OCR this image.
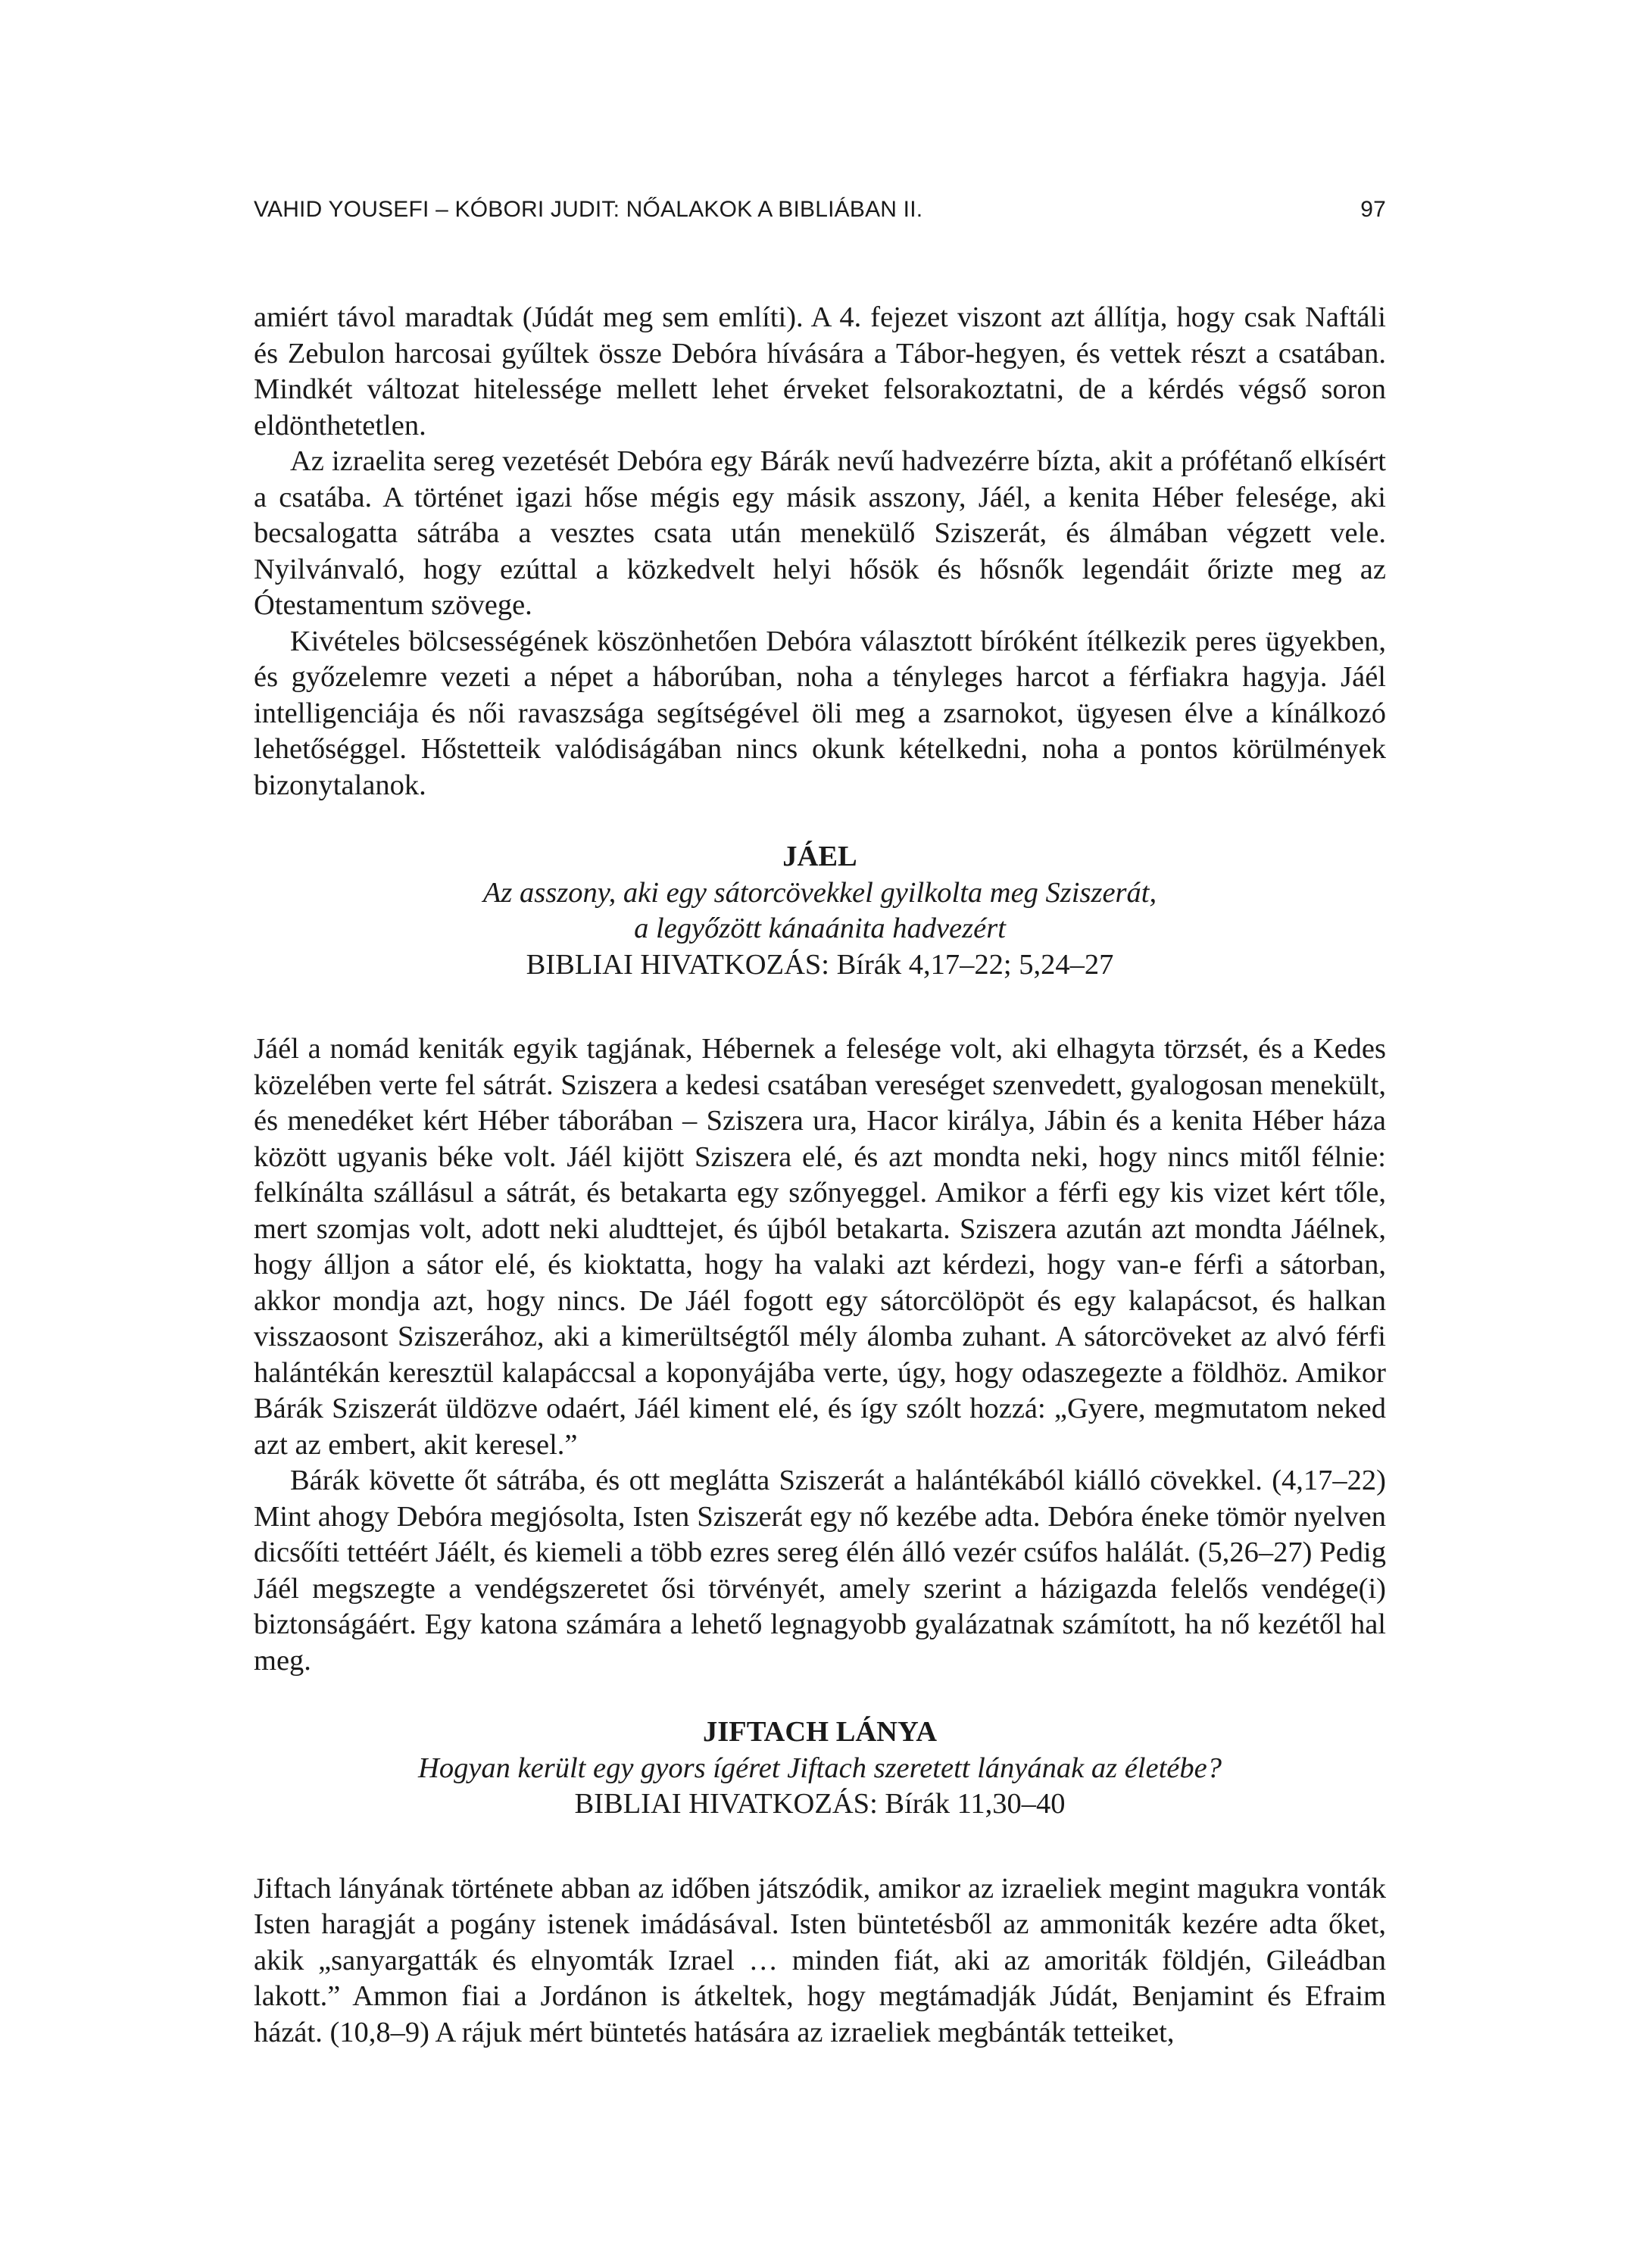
VAHID YOUSEFI – KÓBORI JUDIT: NŐALAKOK A BIBLIÁBAN II.	97

amiért távol maradtak (Júdát meg sem említi). A 4. fejezet viszont azt állítja, hogy csak Naftáli és Zebulon harcosai gyűltek össze Debóra hívására a Tábor-hegyen, és vettek részt a csatában. Mindkét változat hitelessége mellett lehet érveket felsorakoztatni, de a kérdés végső soron eldönthetetlen.

Az izraelita sereg vezetését Debóra egy Bárák nevű hadvezérre bízta, akit a prófétanő elkísért a csatába. A történet igazi hőse mégis egy másik asszony, Jáél, a kenita Héber felesége, aki becsalogatta sátrába a vesztes csata után menekülő Sziszerát, és álmában végzett vele. Nyilvánvaló, hogy ezúttal a közkedvelt helyi hősök és hősnők legendáit őrizte meg az Ótestamentum szövege.

Kivételes bölcsességének köszönhetően Debóra választott bíróként ítélkezik peres ügyekben, és győzelemre vezeti a népet a háborúban, noha a tényleges harcot a férfiakra hagyja. Jáél intelligenciája és női ravaszsága segítségével öli meg a zsarnokot, ügyesen élve a kínálkozó lehetőséggel. Hőstetteik valódiságában nincs okunk kételkedni, noha a pontos körülmények bizonytalanok.

JÁEL

Az asszony, aki egy sátorcövekkel gyilkolta meg Sziszerát,

a legyőzött kánaánita hadvezért

BIBLIAI HIVATKOZÁS: Bírák 4,17–22; 5,24–27

Jáél a nomád keniták egyik tagjának, Hébernek a felesége volt, aki elhagyta törzsét, és a Kedes közelében verte fel sátrát. Sziszera a kedesi csatában vereséget szenvedett, gyalogosan menekült, és menedéket kért Héber táborában – Sziszera ura, Hacor királya, Jábin és a kenita Héber háza között ugyanis béke volt. Jáél kijött Sziszera elé, és azt mondta neki, hogy nincs mitől félnie: felkínálta szállásul a sátrát, és betakarta egy szőnyeggel. Amikor a férfi egy kis vizet kért tőle, mert szomjas volt, adott neki aludttejet, és újból betakarta. Sziszera azután azt mondta Jáélnek, hogy álljon a sátor elé, és kioktatta, hogy ha valaki azt kérdezi, hogy van-e férfi a sátorban, akkor mondja azt, hogy nincs. De Jáél fogott egy sátorcölöpöt és egy kalapácsot, és halkan visszaosont Sziszerához, aki a kimerültségtől mély álomba zuhant. A sátorcöveket az alvó férfi halántékán keresztül kalapáccsal a koponyájába verte, úgy, hogy odaszegezte a földhöz. Amikor Bárák Sziszerát üldözve odaért, Jáél kiment elé, és így szólt hozzá: „Gyere, megmutatom neked azt az embert, akit keresel.”

Bárák követte őt sátrába, és ott meglátta Sziszerát a halántékából kiálló cövekkel. (4,17–22) Mint ahogy Debóra megjósolta, Isten Sziszerát egy nő kezébe adta. Debóra éneke tömör nyelven dicsőíti tettéért Jáélt, és kiemeli a több ezres sereg élén álló vezér csúfos halálát. (5,26–27) Pedig Jáél megszegte a vendégszeretet ősi törvényét, amely szerint a házigazda felelős vendége(i) biztonságáért. Egy katona számára a lehető legnagyobb gyalázatnak számított, ha nő kezétől hal meg.

JIFTACH LÁNYA

Hogyan került egy gyors ígéret Jiftach szeretett lányának az életébe?

BIBLIAI HIVATKOZÁS: Bírák 11,30–40

Jiftach lányának története abban az időben játszódik, amikor az izraeliek megint magukra vonták Isten haragját a pogány istenek imádásával. Isten büntetésből az ammoniták kezére adta őket, akik „sanyargatták és elnyomták Izrael … minden fiát, aki az amoriták földjén, Gileádban lakott.” Ammon fiai a Jordánon is átkeltek, hogy megtámadják Júdát, Benjamint és Efraim házát. (10,8–9) A rájuk mért büntetés hatására az izraeliek megbánták tetteiket,
